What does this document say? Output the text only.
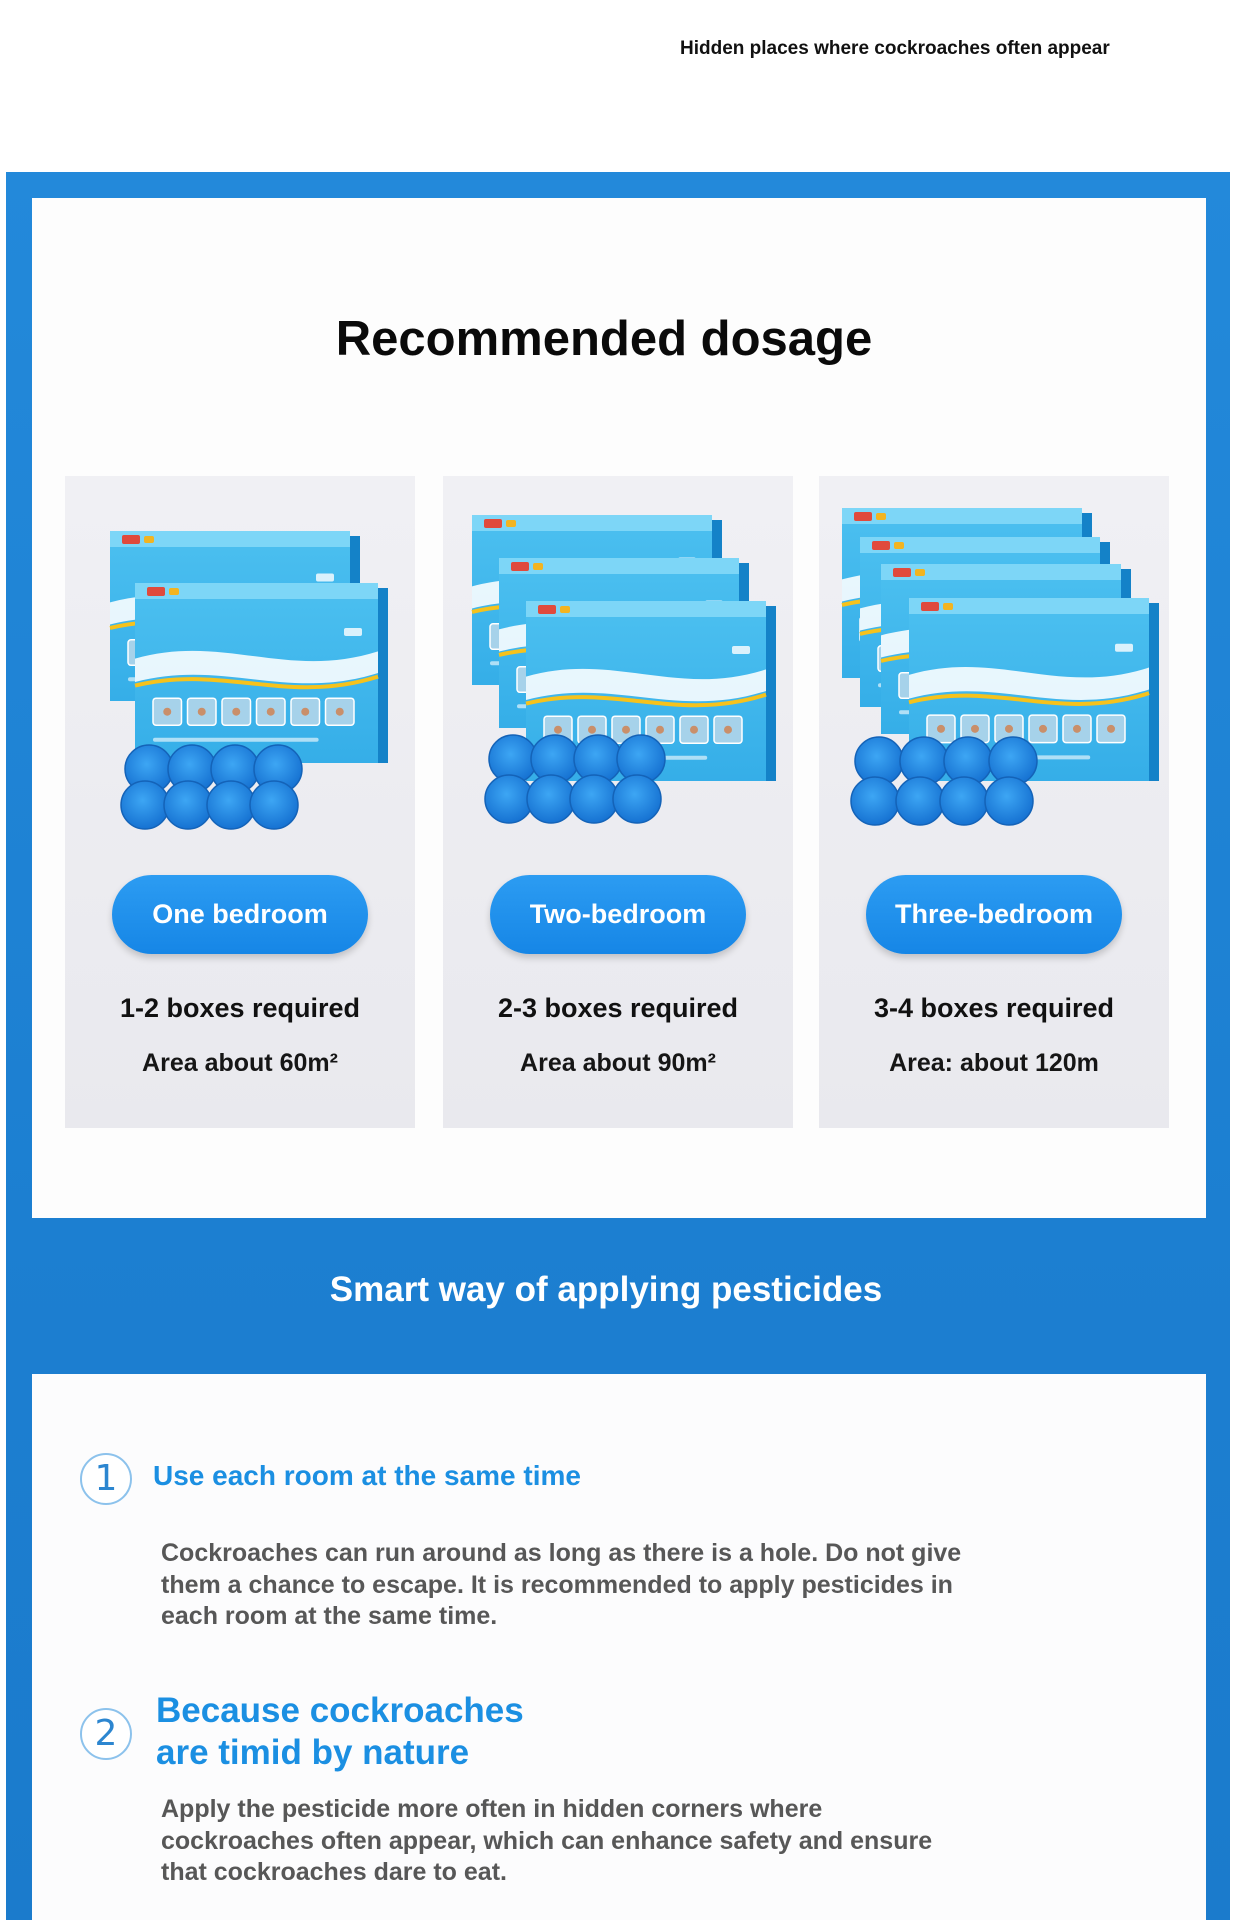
Hidden places where cockroaches often appear
Recommended dosage
One bedroom
1-2 boxes required
Area about 60m²
Two-bedroom
2-3 boxes required
Area about 90m²
Three-bedroom
3-4 boxes required
Area: about 120m
Smart way of applying pesticides
1	Use each room at the same time
Cockroaches can run around as long as there is a hole. Do not give
them a chance to escape. It is recommended to apply pesticides in
each room at the same time.
2
Because cockroaches
are timid by nature
Apply the pesticide more often in hidden corners where
cockroaches often appear, which can enhance safety and ensure
that cockroaches dare to eat.
